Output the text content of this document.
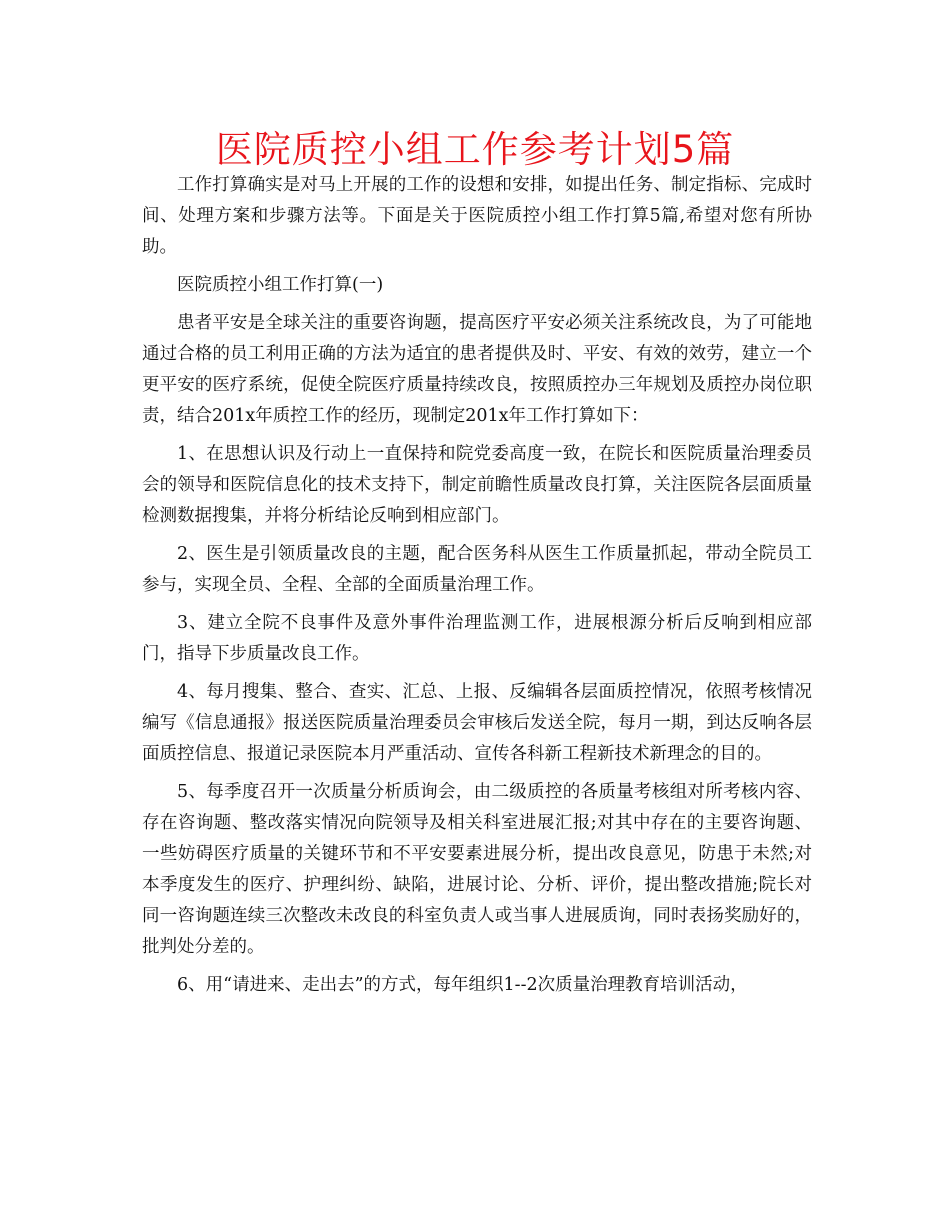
医院质控小组工作参考计划5篇

工作打算确实是对马上开展的工作的设想和安排，如提出任务、制定指标、完成时间、处理方案和步骤方法等。下面是关于医院质控小组工作打算5篇,希望对您有所协助。

医院质控小组工作打算(一)

患者平安是全球关注的重要咨询题，提高医疗平安必须关注系统改良，为了可能地通过合格的员工利用正确的方法为适宜的患者提供及时、平安、有效的效劳，建立一个更平安的医疗系统，促使全院医疗质量持续改良，按照质控办三年规划及质控办岗位职责，结合201x年质控工作的经历，现制定201x年工作打算如下：

1、在思想认识及行动上一直保持和院党委高度一致，在院长和医院质量治理委员会的领导和医院信息化的技术支持下，制定前瞻性质量改良打算，关注医院各层面质量检测数据搜集，并将分析结论反响到相应部门。

2、医生是引领质量改良的主题，配合医务科从医生工作质量抓起，带动全院员工参与，实现全员、全程、全部的全面质量治理工作。

3、建立全院不良事件及意外事件治理监测工作，进展根源分析后反响到相应部门，指导下步质量改良工作。

4、每月搜集、整合、查实、汇总、上报、反编辑各层面质控情况，依照考核情况编写《信息通报》报送医院质量治理委员会审核后发送全院，每月一期，到达反响各层面质控信息、报道记录医院本月严重活动、宣传各科新工程新技术新理念的目的。

5、每季度召开一次质量分析质询会，由二级质控的各质量考核组对所考核内容、存在咨询题、整改落实情况向院领导及相关科室进展汇报;对其中存在的主要咨询题、一些妨碍医疗质量的关键环节和不平安要素进展分析，提出改良意见，防患于未然;对本季度发生的医疗、护理纠纷、缺陷，进展讨论、分析、评价，提出整改措施;院长对同一咨询题连续三次整改未改良的科室负责人或当事人进展质询，同时表扬奖励好的，批判处分差的。

6、用“请进来、走出去”的方式，每年组织1--2次质量治理教育培训活动，
